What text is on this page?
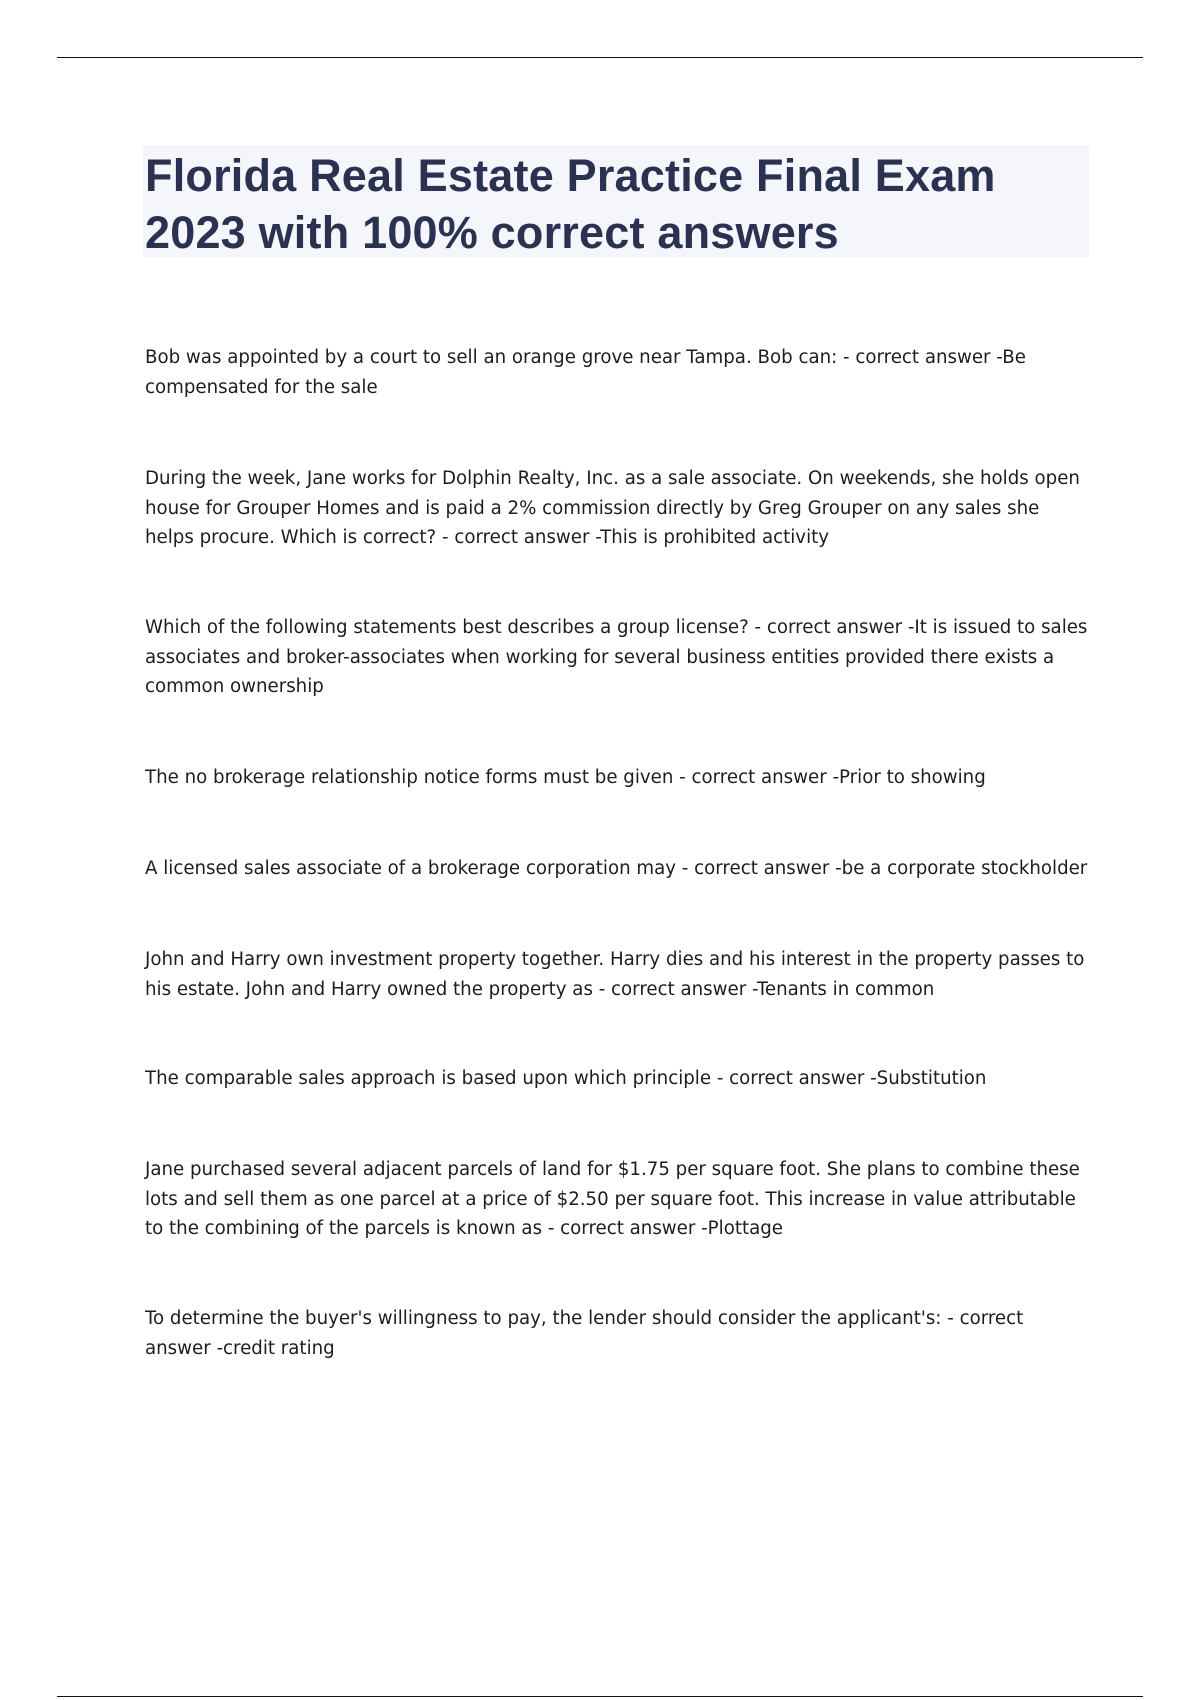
Florida Real Estate Practice Final Exam 2023 with 100% correct answers

Bob was appointed by a court to sell an orange grove near Tampa. Bob can: - correct answer -Be compensated for the sale

During the week, Jane works for Dolphin Realty, Inc. as a sale associate. On weekends, she holds open house for Grouper Homes and is paid a 2% commission directly by Greg Grouper on any sales she helps procure. Which is correct? - correct answer -This is prohibited activity

Which of the following statements best describes a group license? - correct answer -It is issued to sales associates and broker-associates when working for several business entities provided there exists a common ownership

The no brokerage relationship notice forms must be given - correct answer -Prior to showing

A licensed sales associate of a brokerage corporation may - correct answer -be a corporate stockholder

John and Harry own investment property together. Harry dies and his interest in the property passes to his estate. John and Harry owned the property as - correct answer -Tenants in common

The comparable sales approach is based upon which principle - correct answer -Substitution

Jane purchased several adjacent parcels of land for $1.75 per square foot. She plans to combine these lots and sell them as one parcel at a price of $2.50 per square foot. This increase in value attributable to the combining of the parcels is known as - correct answer -Plottage

To determine the buyer's willingness to pay, the lender should consider the applicant's: - correct answer -credit rating
